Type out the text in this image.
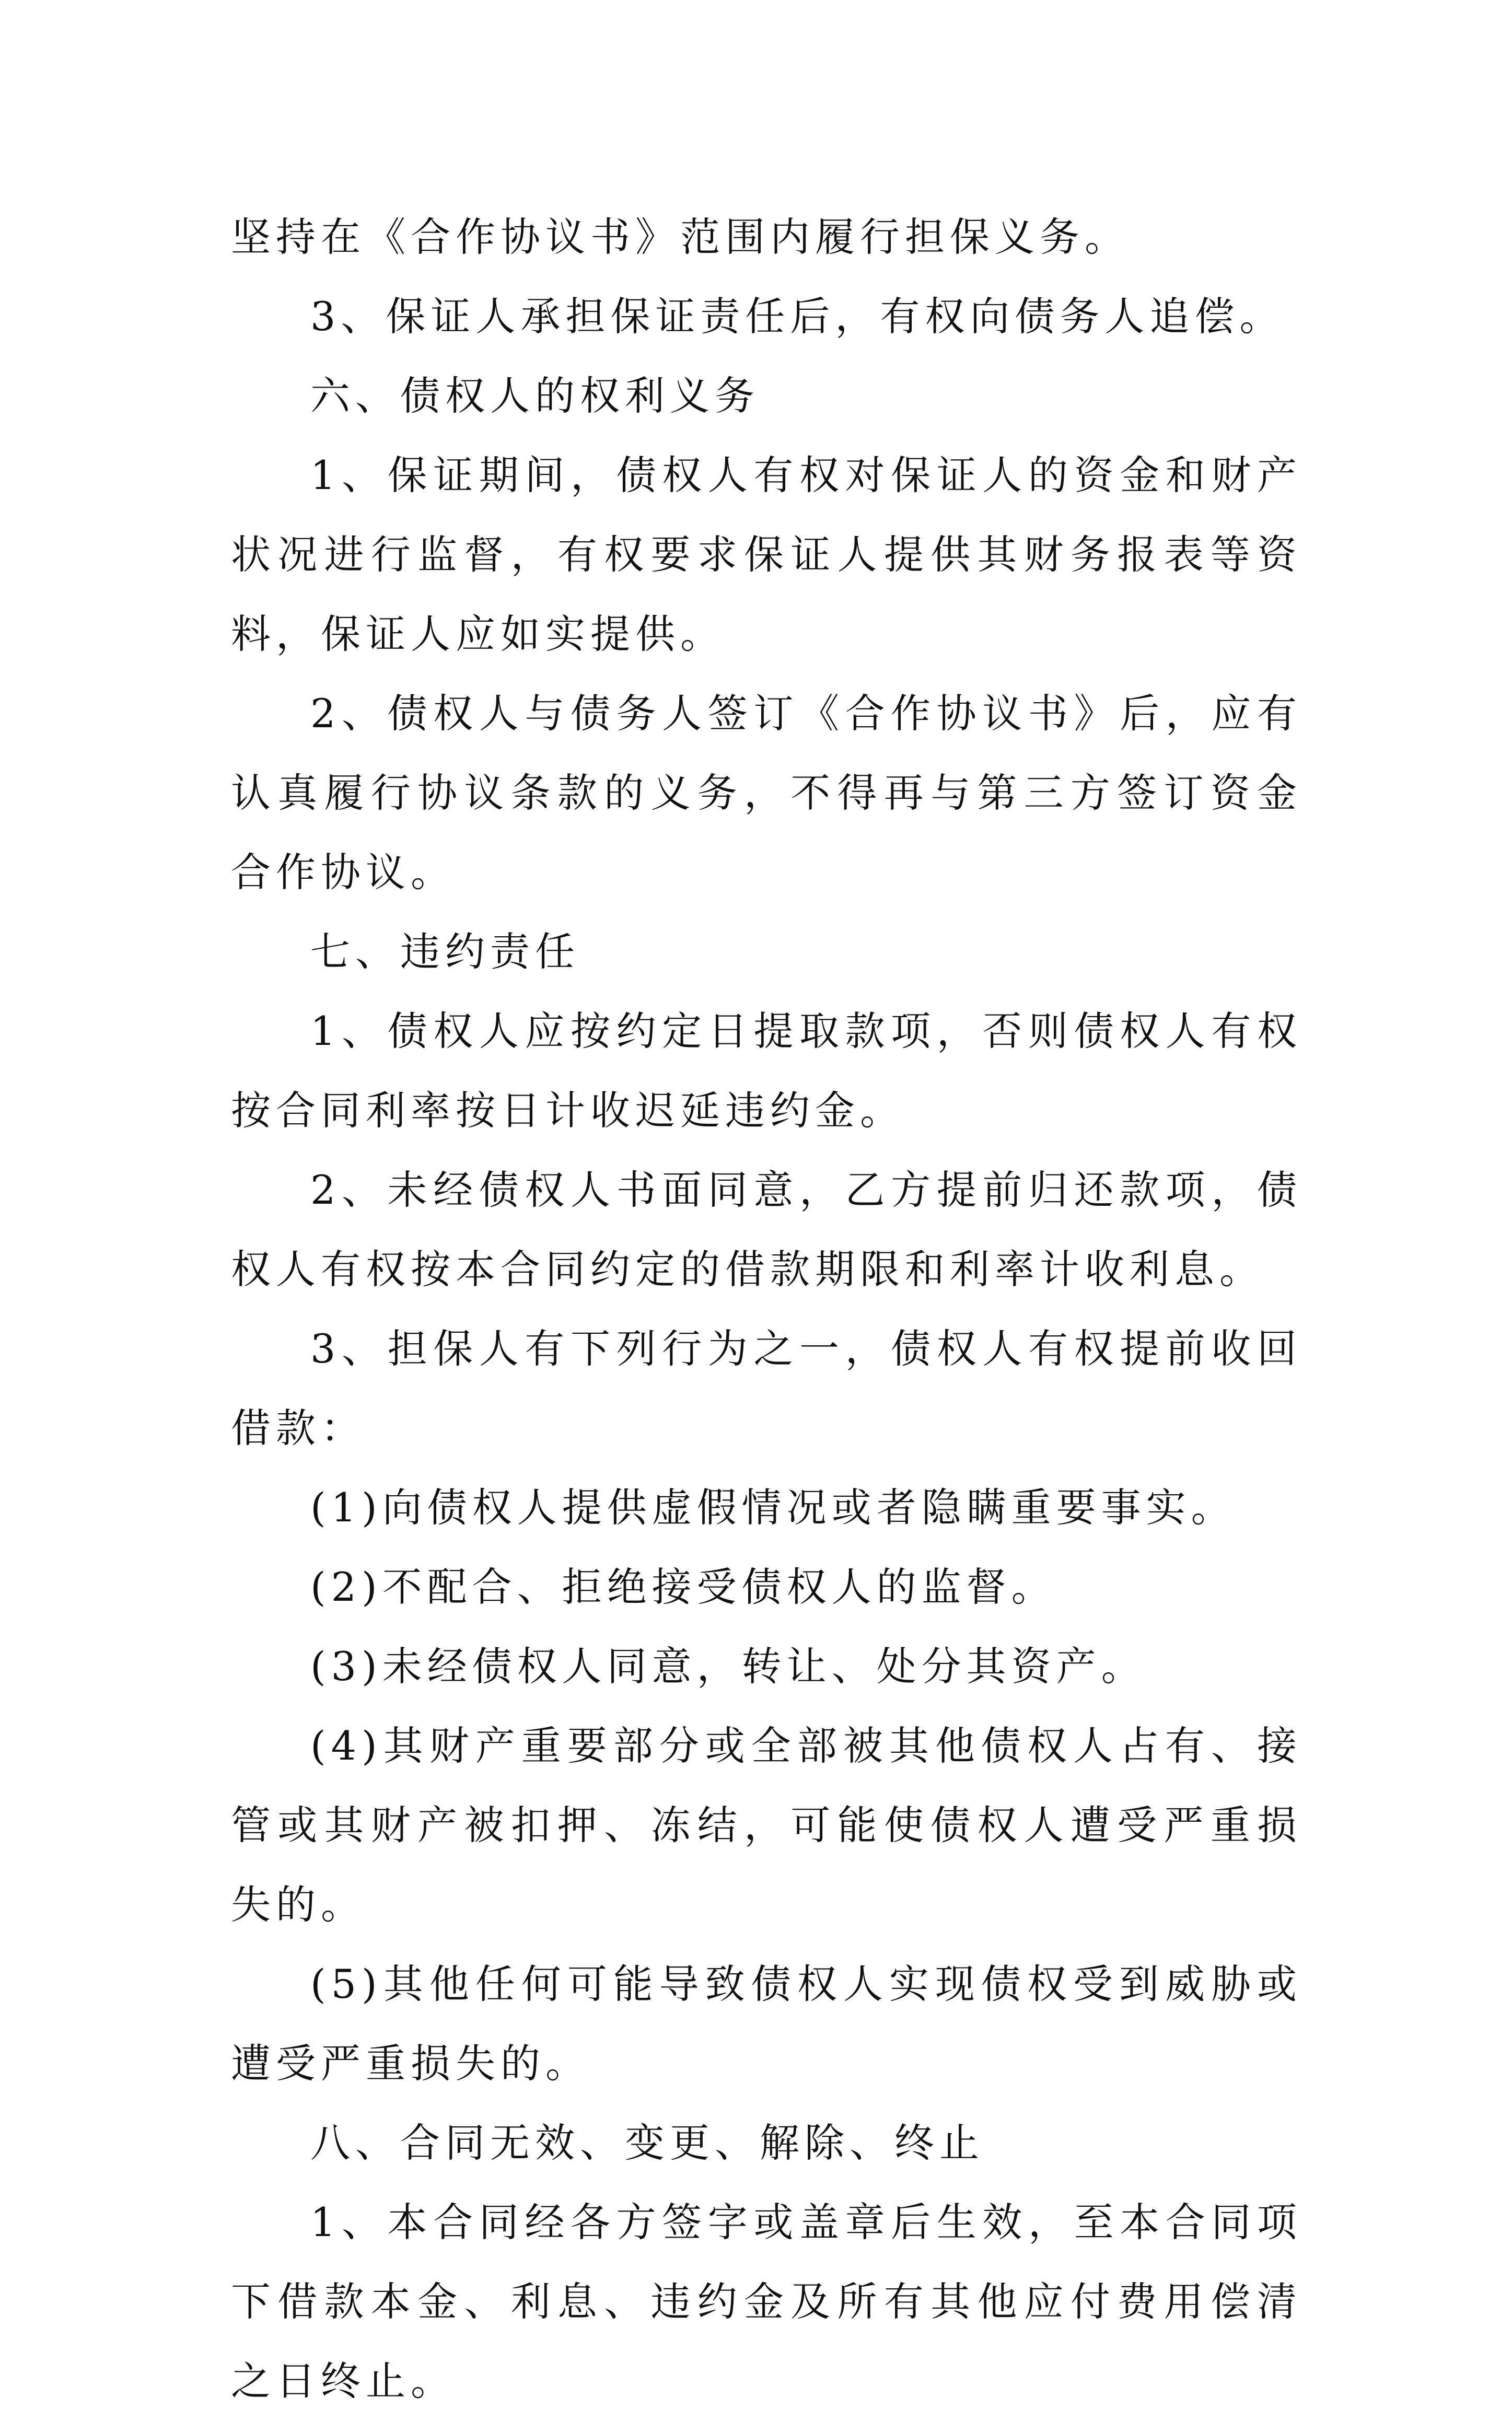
坚持在《合作协议书》范围内履行担保义务。

3、保证人承担保证责任后，有权向债务人追偿。

六、债权人的权利义务

1、保证期间，债权人有权对保证人的资金和财产状况进行监督，有权要求保证人提供其财务报表等资料，保证人应如实提供。

2、债权人与债务人签订《合作协议书》后，应有认真履行协议条款的义务，不得再与第三方签订资金合作协议。

七、违约责任

1、债权人应按约定日提取款项，否则债权人有权按合同利率按日计收迟延违约金。

2、未经债权人书面同意，乙方提前归还款项，债权人有权按本合同约定的借款期限和利率计收利息。

3、担保人有下列行为之一，债权人有权提前收回借款：

(1)向债权人提供虚假情况或者隐瞒重要事实。

(2)不配合、拒绝接受债权人的监督。

(3)未经债权人同意，转让、处分其资产。

(4)其财产重要部分或全部被其他债权人占有、接管或其财产被扣押、冻结，可能使债权人遭受严重损失的。

(5)其他任何可能导致债权人实现债权受到威胁或遭受严重损失的。

八、合同无效、变更、解除、终止

1、本合同经各方签字或盖章后生效，至本合同项下借款本金、利息、违约金及所有其他应付费用偿清之日终止。
